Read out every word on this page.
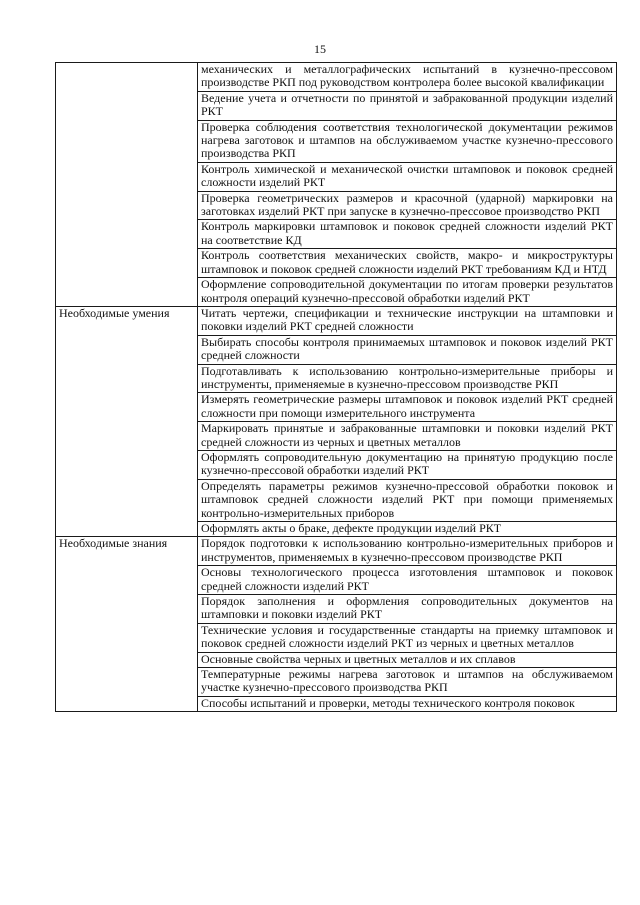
15

	механических и металлографических испытаний в кузнечно-прессовом производстве РКП под руководством контролера более высокой квалификации

	Ведение учета и отчетности по принятой и забракованной продукции изделий РКТ

	Проверка соблюдения соответствия технологической документации режимов нагрева заготовок и штампов на обслуживаемом участке кузнечно-прессового производства РКП

	Контроль химической и механической очистки штамповок и поковок средней сложности изделий РКТ

	Проверка геометрических размеров и красочной (ударной) маркировки на заготовках изделий РКТ при запуске в кузнечно-прессовое производство РКП

	Контроль маркировки штамповок и поковок средней сложности изделий РКТ на соответствие КД

	Контроль соответствия механических свойств, макро- и микроструктуры штамповок и поковок средней сложности изделий РКТ требованиям КД и НТД

	Оформление сопроводительной документации по итогам проверки результатов контроля операций кузнечно-прессовой обработки изделий РКТ

Необходимые умения	Читать чертежи, спецификации и технические инструкции на штамповки и поковки изделий РКТ средней сложности

	Выбирать способы контроля принимаемых штамповок и поковок изделий РКТ средней сложности

	Подготавливать к использованию контрольно-измерительные приборы и инструменты, применяемые в кузнечно-прессовом производстве РКП

	Измерять геометрические размеры штамповок и поковок изделий РКТ средней сложности при помощи измерительного инструмента

	Маркировать принятые и забракованные штамповки и поковки изделий РКТ средней сложности из черных и цветных металлов

	Оформлять сопроводительную документацию на принятую продукцию после кузнечно-прессовой обработки изделий РКТ

	Определять параметры режимов кузнечно-прессовой обработки поковок и штамповок средней сложности изделий РКТ при помощи применяемых контрольно-измерительных приборов

	Оформлять акты о браке, дефекте продукции изделий РКТ

Необходимые знания	Порядок подготовки к использованию контрольно-измерительных приборов и инструментов, применяемых в кузнечно-прессовом производстве РКП

	Основы технологического процесса изготовления штамповок и поковок средней сложности изделий РКТ

	Порядок заполнения и оформления сопроводительных документов на штамповки и поковки изделий РКТ

	Технические условия и государственные стандарты на приемку штамповок и поковок средней сложности изделий РКТ из черных и цветных металлов

	Основные свойства черных и цветных металлов и их сплавов

	Температурные режимы нагрева заготовок и штампов на обслуживаемом участке кузнечно-прессового производства РКП

	Способы испытаний и проверки, методы технического контроля поковок
